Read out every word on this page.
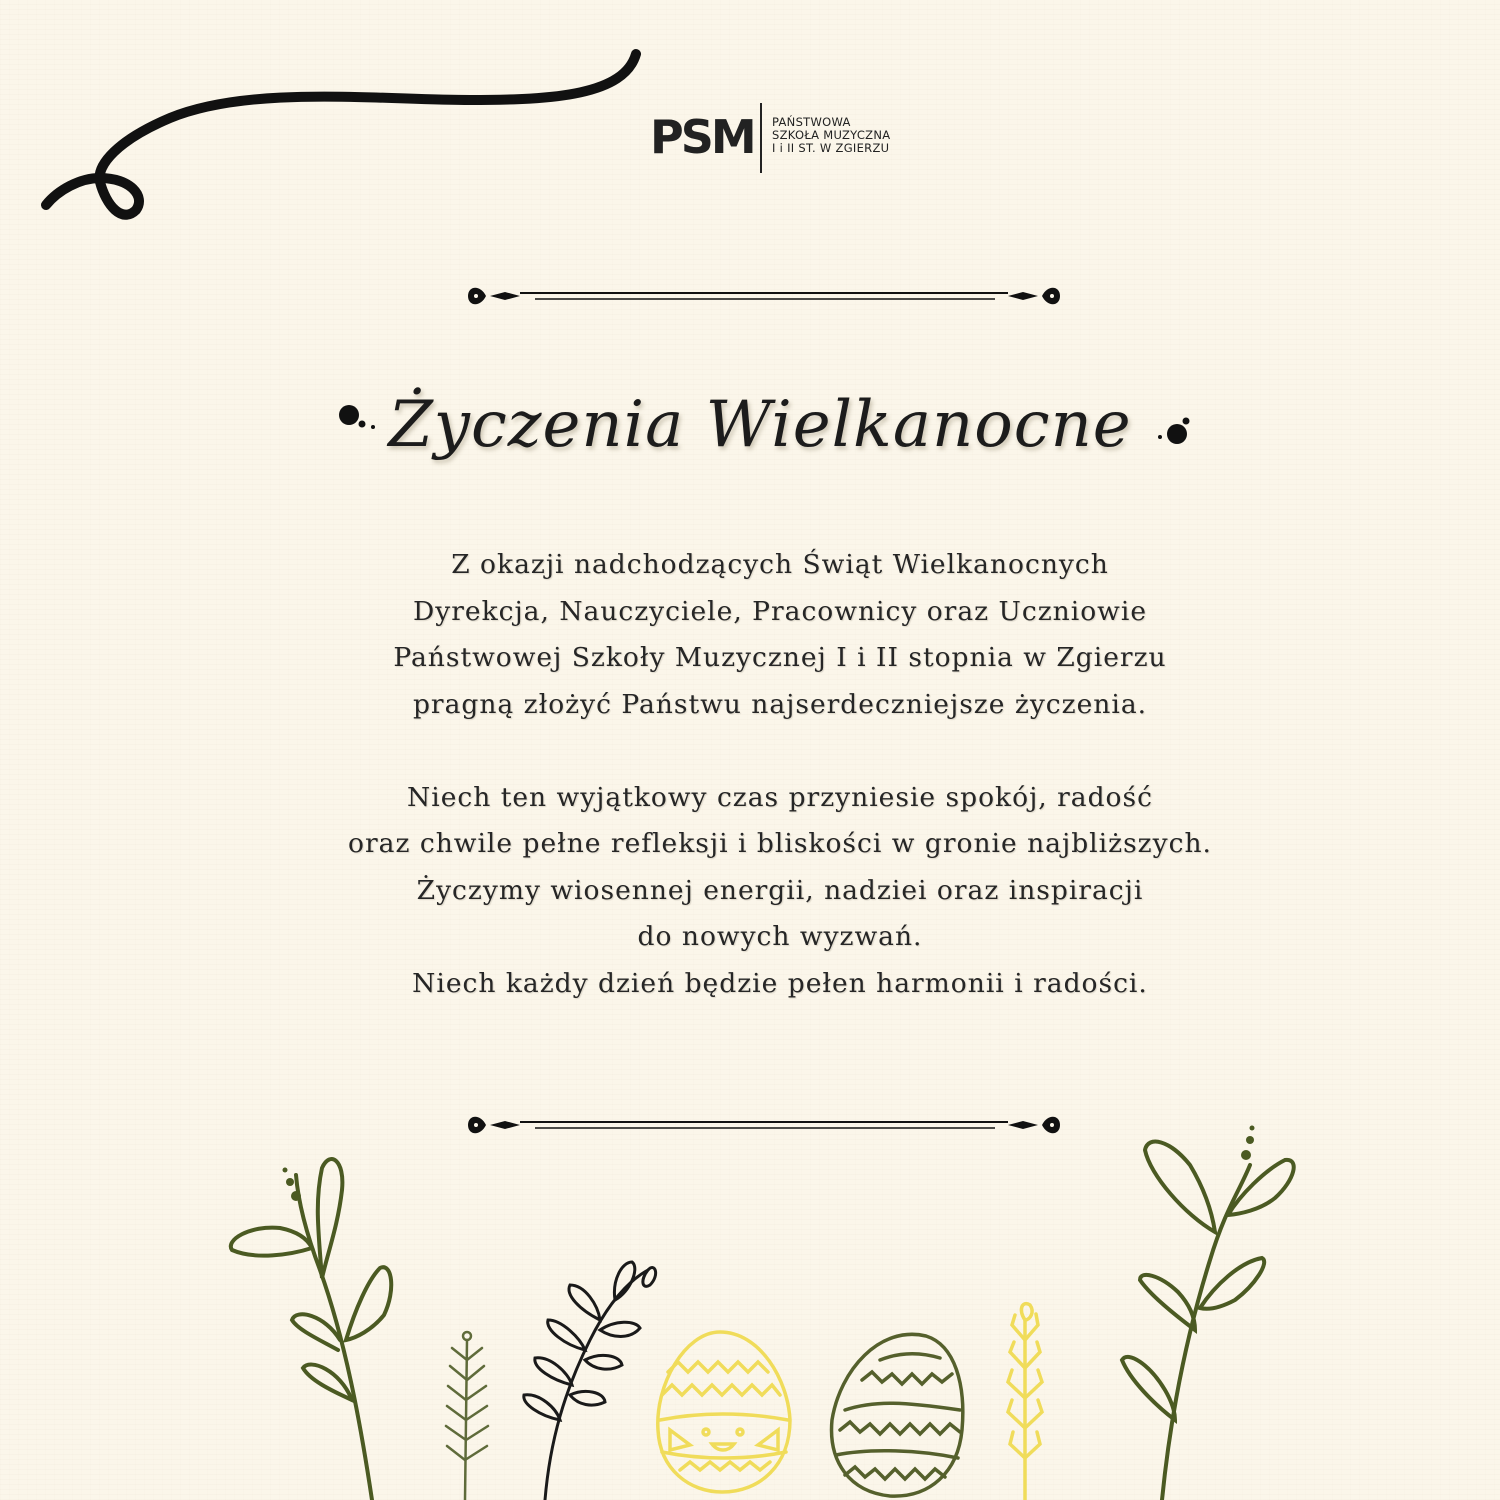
PSM PAŃSTWOWA
SZKOŁA MUZYCZNA
I i II ST. W ZGIERZU
Życzenia Wielkanocne

Z okazji nadchodzących Świąt Wielkanocnych

Dyrekcja, Nauczyciele, Pracownicy oraz Uczniowie

Państwowej Szkoły Muzycznej I i II stopnia w Zgierzu

pragną złożyć Państwu najserdeczniejsze życzenia.

Niech ten wyjątkowy czas przyniesie spokój, radość

oraz chwile pełne refleksji i bliskości w gronie najbliższych.

Życzymy wiosennej energii, nadziei oraz inspiracji

do nowych wyzwań.

Niech każdy dzień będzie pełen harmonii i radości.
